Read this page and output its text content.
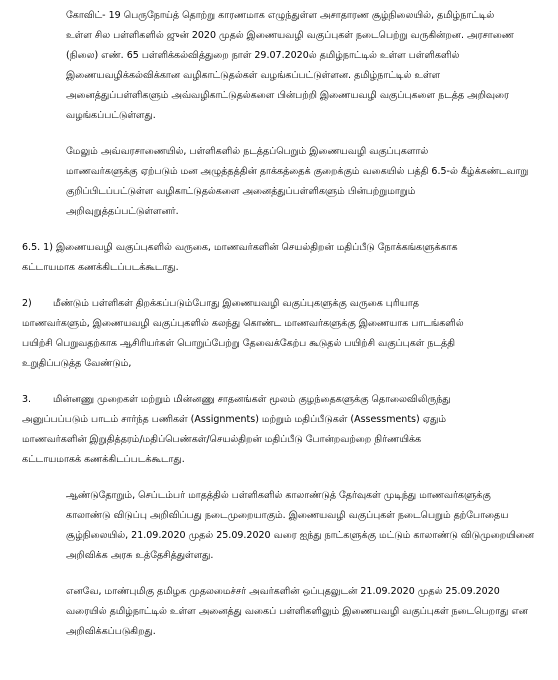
கோவிட்- 19 பெருநோய்த் தொற்று காரணமாக எழுந்துள்ள அசாதாரண சூழ்நிலையில், தமிழ்நாட்டில்
உள்ள சில பள்ளிகளில் ஜுன் 2020 முதல் இணையவழி வகுப்புகள் நடைபெற்று வருகின்றன. அரசாணை
(நிலை) எண். 65 பள்ளிக்கல்வித்துறை நாள் 29.07.2020ல் தமிழ்நாட்டில் உள்ள பள்ளிகளில்
இணையவழிக்கல்விக்கான வழிகாட்டுதல்கள் வழங்கப்பட்டுள்ளன. தமிழ்நாட்டில் உள்ள
அனைத்துப்பள்ளிகளும் அவ்வழிகாட்டுதல்களை பின்பற்றி இணையவழி வகுப்புகளை நடத்த அறிவுரை
வழங்கப்பட்டுள்ளது.
மேலும் அவ்வரசாணையில், பள்ளிகளில் நடத்தப்பெறும் இணையவழி வகுப்புகளால்
மாணவர்களுக்கு ஏற்படும் மன அழுத்தத்தின் தாக்கத்தைக் குறைக்கும் வகையில் பத்தி 6.5-ல் கீழ்க்கண்டவாறு
குறிப்பிடப்பட்டுள்ள வழிகாட்டுதல்களை அனைத்துப்பள்ளிகளும் பின்பற்றுமாறும்
அறிவுறுத்தப்பட்டுள்ளனர்.
6.5. 1) இணையவழி வகுப்புகளில் வருகை, மாணவர்களின் செயல்திறன் மதிப்பீடு நோக்கங்களுக்காக
கட்டாயமாக கணக்கிடப்படக்கூடாது.
2) மீண்டும் பள்ளிகள் திறக்கப்படும்போது இணையவழி வகுப்புகளுக்கு வருகை புரியாத
மாணவர்களும், இணையவழி வகுப்புகளில் கலந்து கொண்ட மாணவர்களுக்கு இணையாக பாடங்களில்
பயிற்சி பெறுவதற்காக ஆசிரியர்கள் பொறுப்பேற்று தேவைக்கேற்ப கூடுதல் பயிற்சி வகுப்புகள் நடத்தி
உறுதிப்படுத்த வேண்டும்,
3. மின்னணு முறைகள் மற்றும் மின்னணு சாதனங்கள் மூலம் குழந்தைகளுக்கு தொலைவிலிருந்து
அனுப்பப்படும் பாடம் சார்ந்த பணிகள் (Assignments) மற்றும் மதிப்பீடுகள் (Assessments) ஏதும்
மாணவர்களின் இறுதித்தரம்/மதிப்பெண்கள்/செயல்திறன் மதிப்பீடு போன்றவற்றை நிர்ணயிக்க
கட்டாயமாகக் கணக்கிடப்படக்கூடாது.
ஆண்டுதோறும், செப்டம்பர் மாதத்தில் பள்ளிகளில் காலாண்டுத் தேர்வுகள் முடிந்து மாணவர்களுக்கு
காலாண்டு விடுப்பு அறிவிப்பது நடைமுறையாகும். இணையவழி வகுப்புகள் நடைபெறும் தற்போதைய
சூழ்நிலையில், 21.09.2020 முதல் 25.09.2020 வரை ஐந்து நாட்களுக்கு மட்டும் காலாண்டு விடுமுறையினை
அறிவிக்க அரசு உத்தேசித்துள்ளது.
எனவே, மாண்புமிகு தமிழக முதலமைச்சர் அவர்களின் ஒப்புதலுடன் 21.09.2020 முதல் 25.09.2020
வரையில் தமிழ்நாட்டில் உள்ள அனைத்து வகைப் பள்ளிகளிலும் இணையவழி வகுப்புகள் நடைபெறாது என
அறிவிக்கப்படுகிறது.
